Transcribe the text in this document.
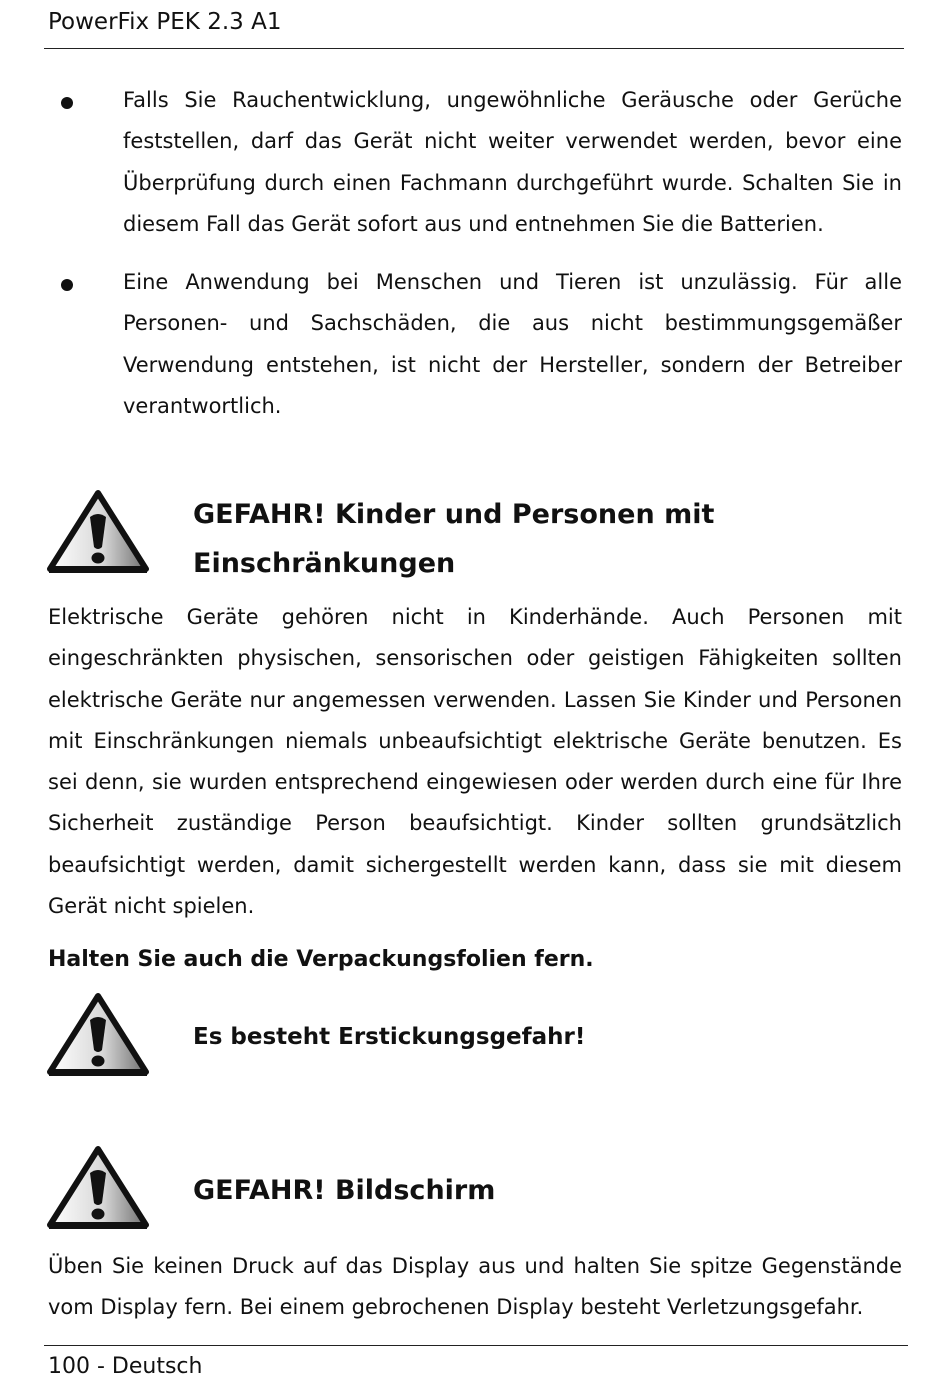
PowerFix PEK 2.3 A1
Falls Sie Rauchentwicklung, ungewöhnliche Geräusche oder Gerüche feststellen, darf das Gerät nicht weiter verwendet werden, bevor eine Überprüfung durch einen Fachmann durchgeführt wurde. Schalten Sie in diesem Fall das Gerät sofort aus und entnehmen Sie die Batterien.
Eine Anwendung bei Menschen und Tieren ist unzulässig. Für alle Personen- und Sachschäden, die aus nicht bestimmungsgemäßer Verwendung entstehen, ist nicht der Hersteller, sondern der Betreiber verantwortlich.
GEFAHR! Kinder und Personen mit
Einschränkungen
Elektrische Geräte gehören nicht in Kinderhände. Auch Personen mit eingeschränkten physischen, sensorischen oder geistigen Fähigkeiten sollten elektrische Geräte nur angemessen verwenden. Lassen Sie Kinder und Personen mit Einschränkungen niemals unbeaufsichtigt elektrische Geräte benutzen. Es sei denn, sie wurden entsprechend eingewiesen oder werden durch eine für Ihre Sicherheit zuständige Person beaufsichtigt. Kinder sollten grundsätzlich beaufsichtigt werden, damit sichergestellt werden kann, dass sie mit diesem Gerät nicht spielen.
Halten Sie auch die Verpackungsfolien fern.
Es besteht Erstickungsgefahr!
GEFAHR! Bildschirm
Üben Sie keinen Druck auf das Display aus und halten Sie spitze Gegenstände vom Display fern. Bei einem gebrochenen Display besteht Verletzungsgefahr.
100 - Deutsch
